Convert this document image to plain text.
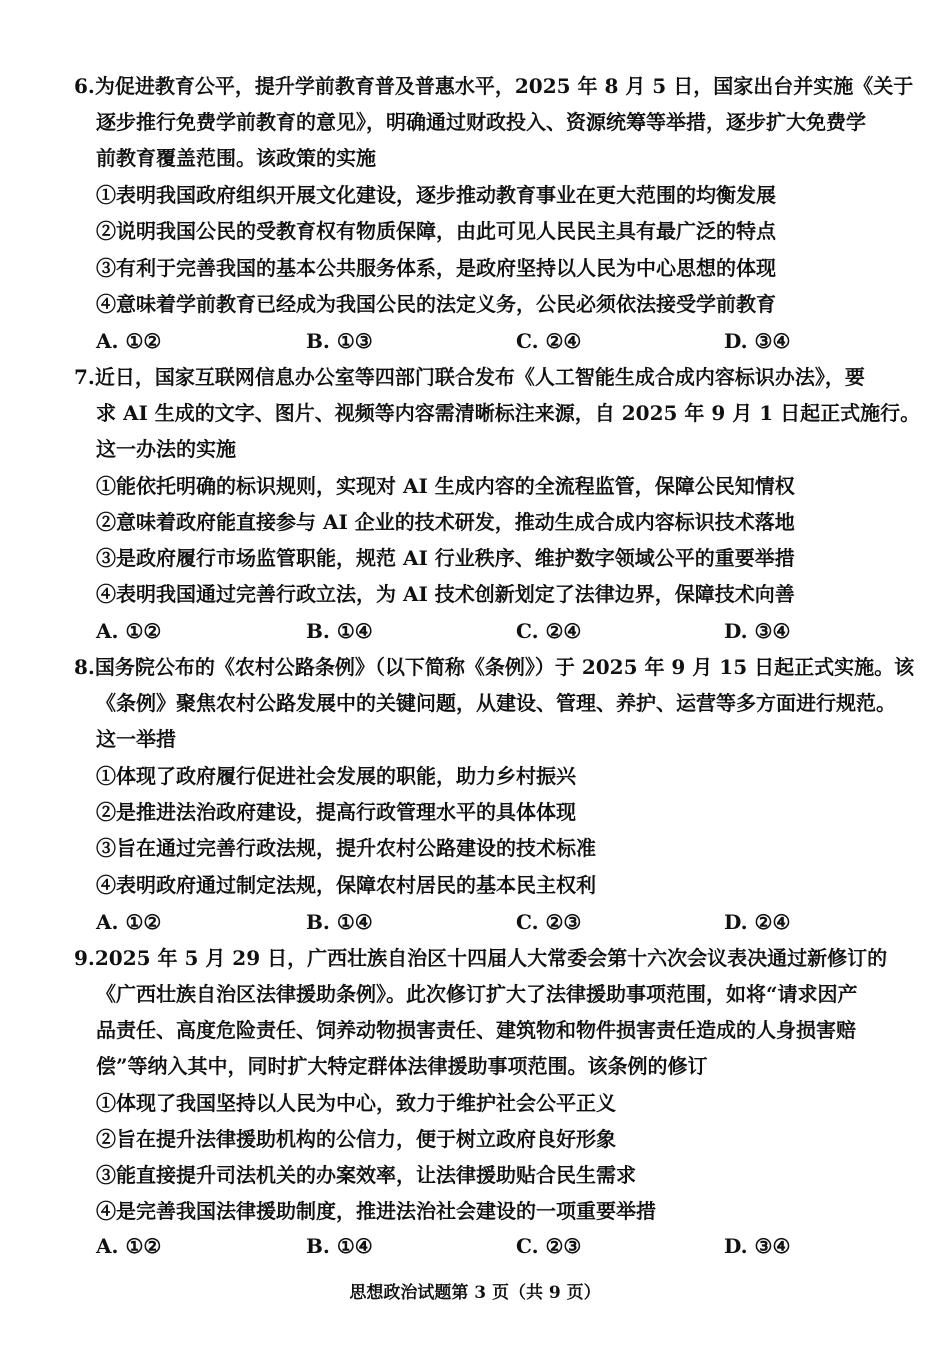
6.为促进教育公平，提升学前教育普及普惠水平，2025 年 8 月 5 日，国家出台并实施《关于
逐步推行免费学前教育的意见》，明确通过财政投入、资源统筹等举措，逐步扩大免费学
前教育覆盖范围。该政策的实施
①表明我国政府组织开展文化建设，逐步推动教育事业在更大范围的均衡发展
②说明我国公民的受教育权有物质保障，由此可见人民民主具有最广泛的特点
③有利于完善我国的基本公共服务体系，是政府坚持以人民为中心思想的体现
④意味着学前教育已经成为我国公民的法定义务，公民必须依法接受学前教育
A. ①②	B. ①③	C. ②④	D. ③④
7.近日，国家互联网信息办公室等四部门联合发布《人工智能生成合成内容标识办法》，要
求 AI 生成的文字、图片、视频等内容需清晰标注来源，自 2025 年 9 月 1 日起正式施行。
这一办法的实施
①能依托明确的标识规则，实现对 AI 生成内容的全流程监管，保障公民知情权
②意味着政府能直接参与 AI 企业的技术研发，推动生成合成内容标识技术落地
③是政府履行市场监管职能，规范 AI 行业秩序、维护数字领域公平的重要举措
④表明我国通过完善行政立法，为 AI 技术创新划定了法律边界，保障技术向善
A. ①②	B. ①④	C. ②④	D. ③④
8.国务院公布的《农村公路条例》（以下简称《条例》）于 2025 年 9 月 15 日起正式实施。该
《条例》聚焦农村公路发展中的关键问题，从建设、管理、养护、运营等多方面进行规范。
这一举措
①体现了政府履行促进社会发展的职能，助力乡村振兴
②是推进法治政府建设，提高行政管理水平的具体体现
③旨在通过完善行政法规，提升农村公路建设的技术标准
④表明政府通过制定法规，保障农村居民的基本民主权利
A. ①②	B. ①④	C. ②③	D. ②④
9.2025 年 5 月 29 日，广西壮族自治区十四届人大常委会第十六次会议表决通过新修订的
《广西壮族自治区法律援助条例》。此次修订扩大了法律援助事项范围，如将“请求因产
品责任、高度危险责任、饲养动物损害责任、建筑物和物件损害责任造成的人身损害赔
偿”等纳入其中，同时扩大特定群体法律援助事项范围。该条例的修订
①体现了我国坚持以人民为中心，致力于维护社会公平正义
②旨在提升法律援助机构的公信力，便于树立政府良好形象
③能直接提升司法机关的办案效率，让法律援助贴合民生需求
④是完善我国法律援助制度，推进法治社会建设的一项重要举措
A. ①②	B. ①④	C. ②③	D. ③④
思想政治试题第 3 页（共 9 页）
